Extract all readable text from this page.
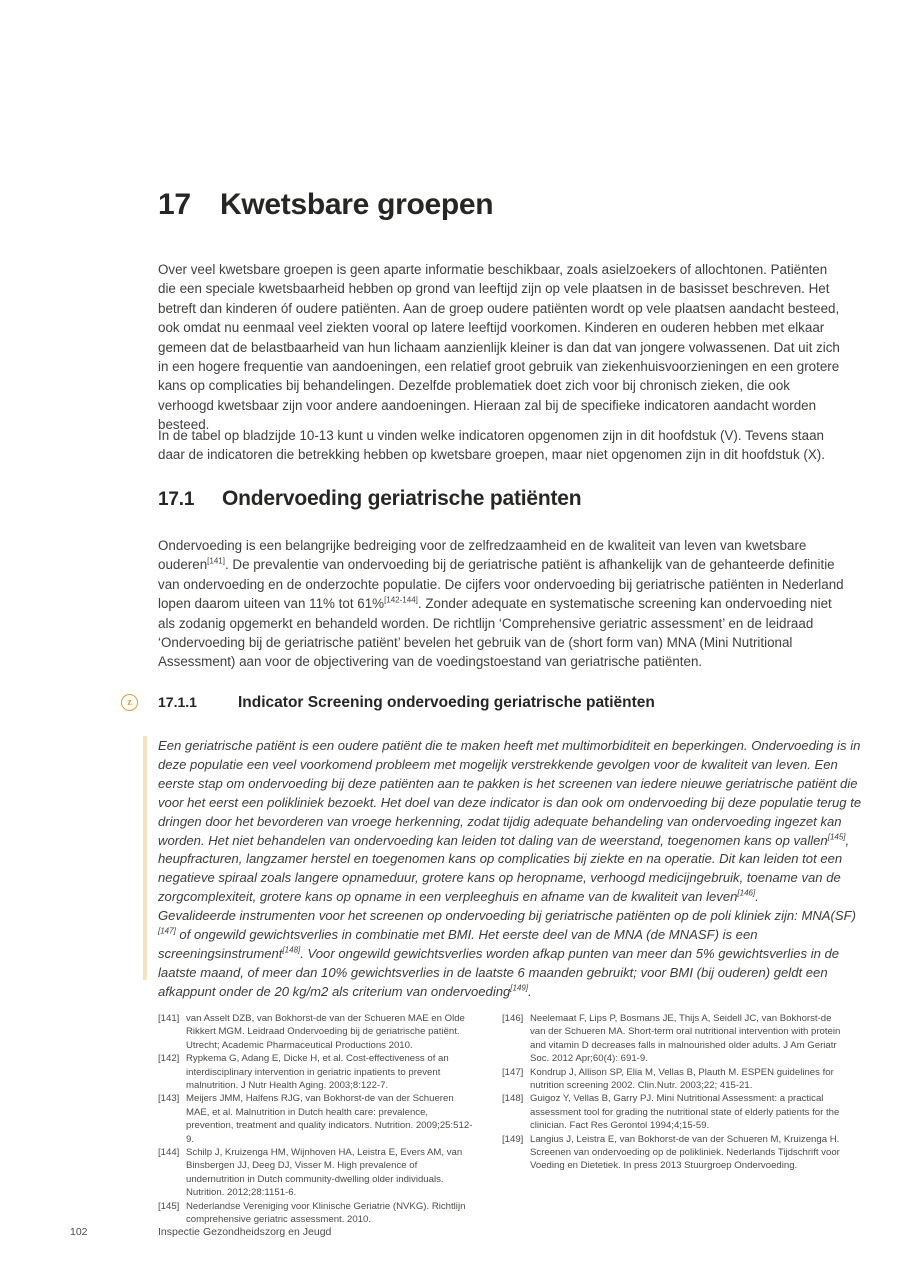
17 Kwetsbare groepen

Over veel kwetsbare groepen is geen aparte informatie beschikbaar, zoals asielzoekers of allochtonen. Patiënten die een speciale kwetsbaarheid hebben op grond van leeftijd zijn op vele plaatsen in de basisset beschreven. Het betreft dan kinderen óf oudere patiënten. Aan de groep oudere patiënten wordt op vele plaatsen aandacht besteed, ook omdat nu eenmaal veel ziekten vooral op latere leeftijd voorkomen. Kinderen en ouderen hebben met elkaar gemeen dat de belastbaarheid van hun lichaam aanzienlijk kleiner is dan dat van jongere volwassenen. Dat uit zich in een hogere frequentie van aandoeningen, een relatief groot gebruik van ziekenhuisvoorzieningen en een grotere kans op complicaties bij behandelingen. Dezelfde problematiek doet zich voor bij chronisch zieken, die ook verhoogd kwetsbaar zijn voor andere aandoeningen. Hieraan zal bij de specifieke indicatoren aandacht worden besteed.

In de tabel op bladzijde 10-13 kunt u vinden welke indicatoren opgenomen zijn in dit hoofdstuk (V). Tevens staan daar de indicatoren die betrekking hebben op kwetsbare groepen, maar niet opgenomen zijn in dit hoofdstuk (X).

17.1	Ondervoeding geriatrische patiënten

Ondervoeding is een belangrijke bedreiging voor de zelfredzaamheid en de kwaliteit van leven van kwetsbare ouderen[141]. De prevalentie van ondervoeding bij de geriatrische patiënt is afhankelijk van de gehanteerde definitie van ondervoeding en de onderzochte populatie. De cijfers voor ondervoeding bij geriatrische patiënten in Nederland lopen daarom uiteen van 11% tot 61%[142-144]. Zonder adequate en systematische screening kan ondervoeding niet als zodanig opgemerkt en behandeld worden. De richtlijn ‘Comprehensive geriatric assessment’ en de leidraad ‘Ondervoeding bij de geriatrische patiënt’ bevelen het gebruik van de (short form van) MNA (Mini Nutritional Assessment) aan voor de objectivering van de voedingstoestand van geriatrische patiënten.

z 17.1.1	Indicator Screening ondervoeding geriatrische patiënten

Een geriatrische patiënt is een oudere patiënt die te maken heeft met multimorbiditeit en beperkingen. Ondervoeding is in deze populatie een veel voorkomend probleem met mogelijk verstrekkende gevolgen voor de kwaliteit van leven. Een eerste stap om ondervoeding bij deze patiënten aan te pakken is het screenen van iedere nieuwe geriatrische patiënt die voor het eerst een polikliniek bezoekt. Het doel van deze indicator is dan ook om ondervoeding bij deze populatie terug te dringen door het bevorderen van vroege herkenning, zodat tijdig adequate behandeling van ondervoeding ingezet kan worden. Het niet behandelen van ondervoeding kan leiden tot daling van de weerstand, toegenomen kans op vallen[145], heupfracturen, langzamer herstel en toegenomen kans op complicaties bij ziekte en na operatie. Dit kan leiden tot een negatieve spiraal zoals langere opnameduur, grotere kans op heropname, verhoogd medicijngebruik, toename van de zorgcomplexiteit, grotere kans op opname in een verpleeghuis en afname van de kwaliteit van leven[146].

Gevalideerde instrumenten voor het screenen op ondervoeding bij geriatrische patiënten op de poli kliniek zijn: MNA(SF)[147] of ongewild gewichtsverlies in combinatie met BMI. Het eerste deel van de MNA (de MNASF) is een screeningsinstrument[148]. Voor ongewild gewichtsverlies worden afkap punten van meer dan 5% gewichtsverlies in de laatste maand, of meer dan 10% gewichtsverlies in de laatste 6 maanden gebruikt; voor BMI (bij ouderen) geldt een afkappunt onder de 20 kg/m2 als criterium van ondervoeding[149].

[141] van Asselt DZB, van Bokhorst-de van der Schueren MAE en Olde Rikkert MGM. Leidraad Ondervoeding bij de geriatrische patiënt. Utrecht; Academic Pharmaceutical Productions 2010.
[142] Rypkema G, Adang E, Dicke H, et al. Cost-effectiveness of an interdisciplinary intervention in geriatric inpatients to prevent malnutrition. J Nutr Health Aging. 2003;8:122-7.
[143] Meijers JMM, Halfens RJG, van Bokhorst-de van der Schueren MAE, et al. Malnutrition in Dutch health care: prevalence, prevention, treatment and quality indicators. Nutrition. 2009;25:512-9.
[144] Schilp J, Kruizenga HM, Wijnhoven HA, Leistra E, Evers AM, van Binsbergen JJ, Deeg DJ, Visser M. High prevalence of undernutrition in Dutch community-dwelling older individuals. Nutrition. 2012;28:1151-6.
[145] Nederlandse Vereniging voor Klinische Geriatrie (NVKG). Richtlijn comprehensive geriatric assessment. 2010.
[146] Neelemaat F, Lips P, Bosmans JE, Thijs A, Seidell JC, van Bokhorst-de van der Schueren MA. Short-term oral nutritional intervention with protein and vitamin D decreases falls in malnourished older adults. J Am Geriatr Soc. 2012 Apr;60(4): 691-9.
[147] Kondrup J, Allison SP, Elia M, Vellas B, Plauth M. ESPEN guidelines for nutrition screening 2002. Clin.Nutr. 2003;22; 415-21.
[148] Guigoz Y, Vellas B, Garry PJ. Mini Nutritional Assessment: a practical assessment tool for grading the nutritional state of elderly patients for the clinician. Fact Res Gerontol 1994;4;15-59.
[149] Langius J, Leistra E, van Bokhorst-de van der Schueren M, Kruizenga H. Screenen van ondervoeding op de polikliniek. Nederlands Tijdschrift voor Voeding en Dietetiek. In press 2013 Stuurgroep Ondervoeding.
102	Inspectie Gezondheidszorg en Jeugd
